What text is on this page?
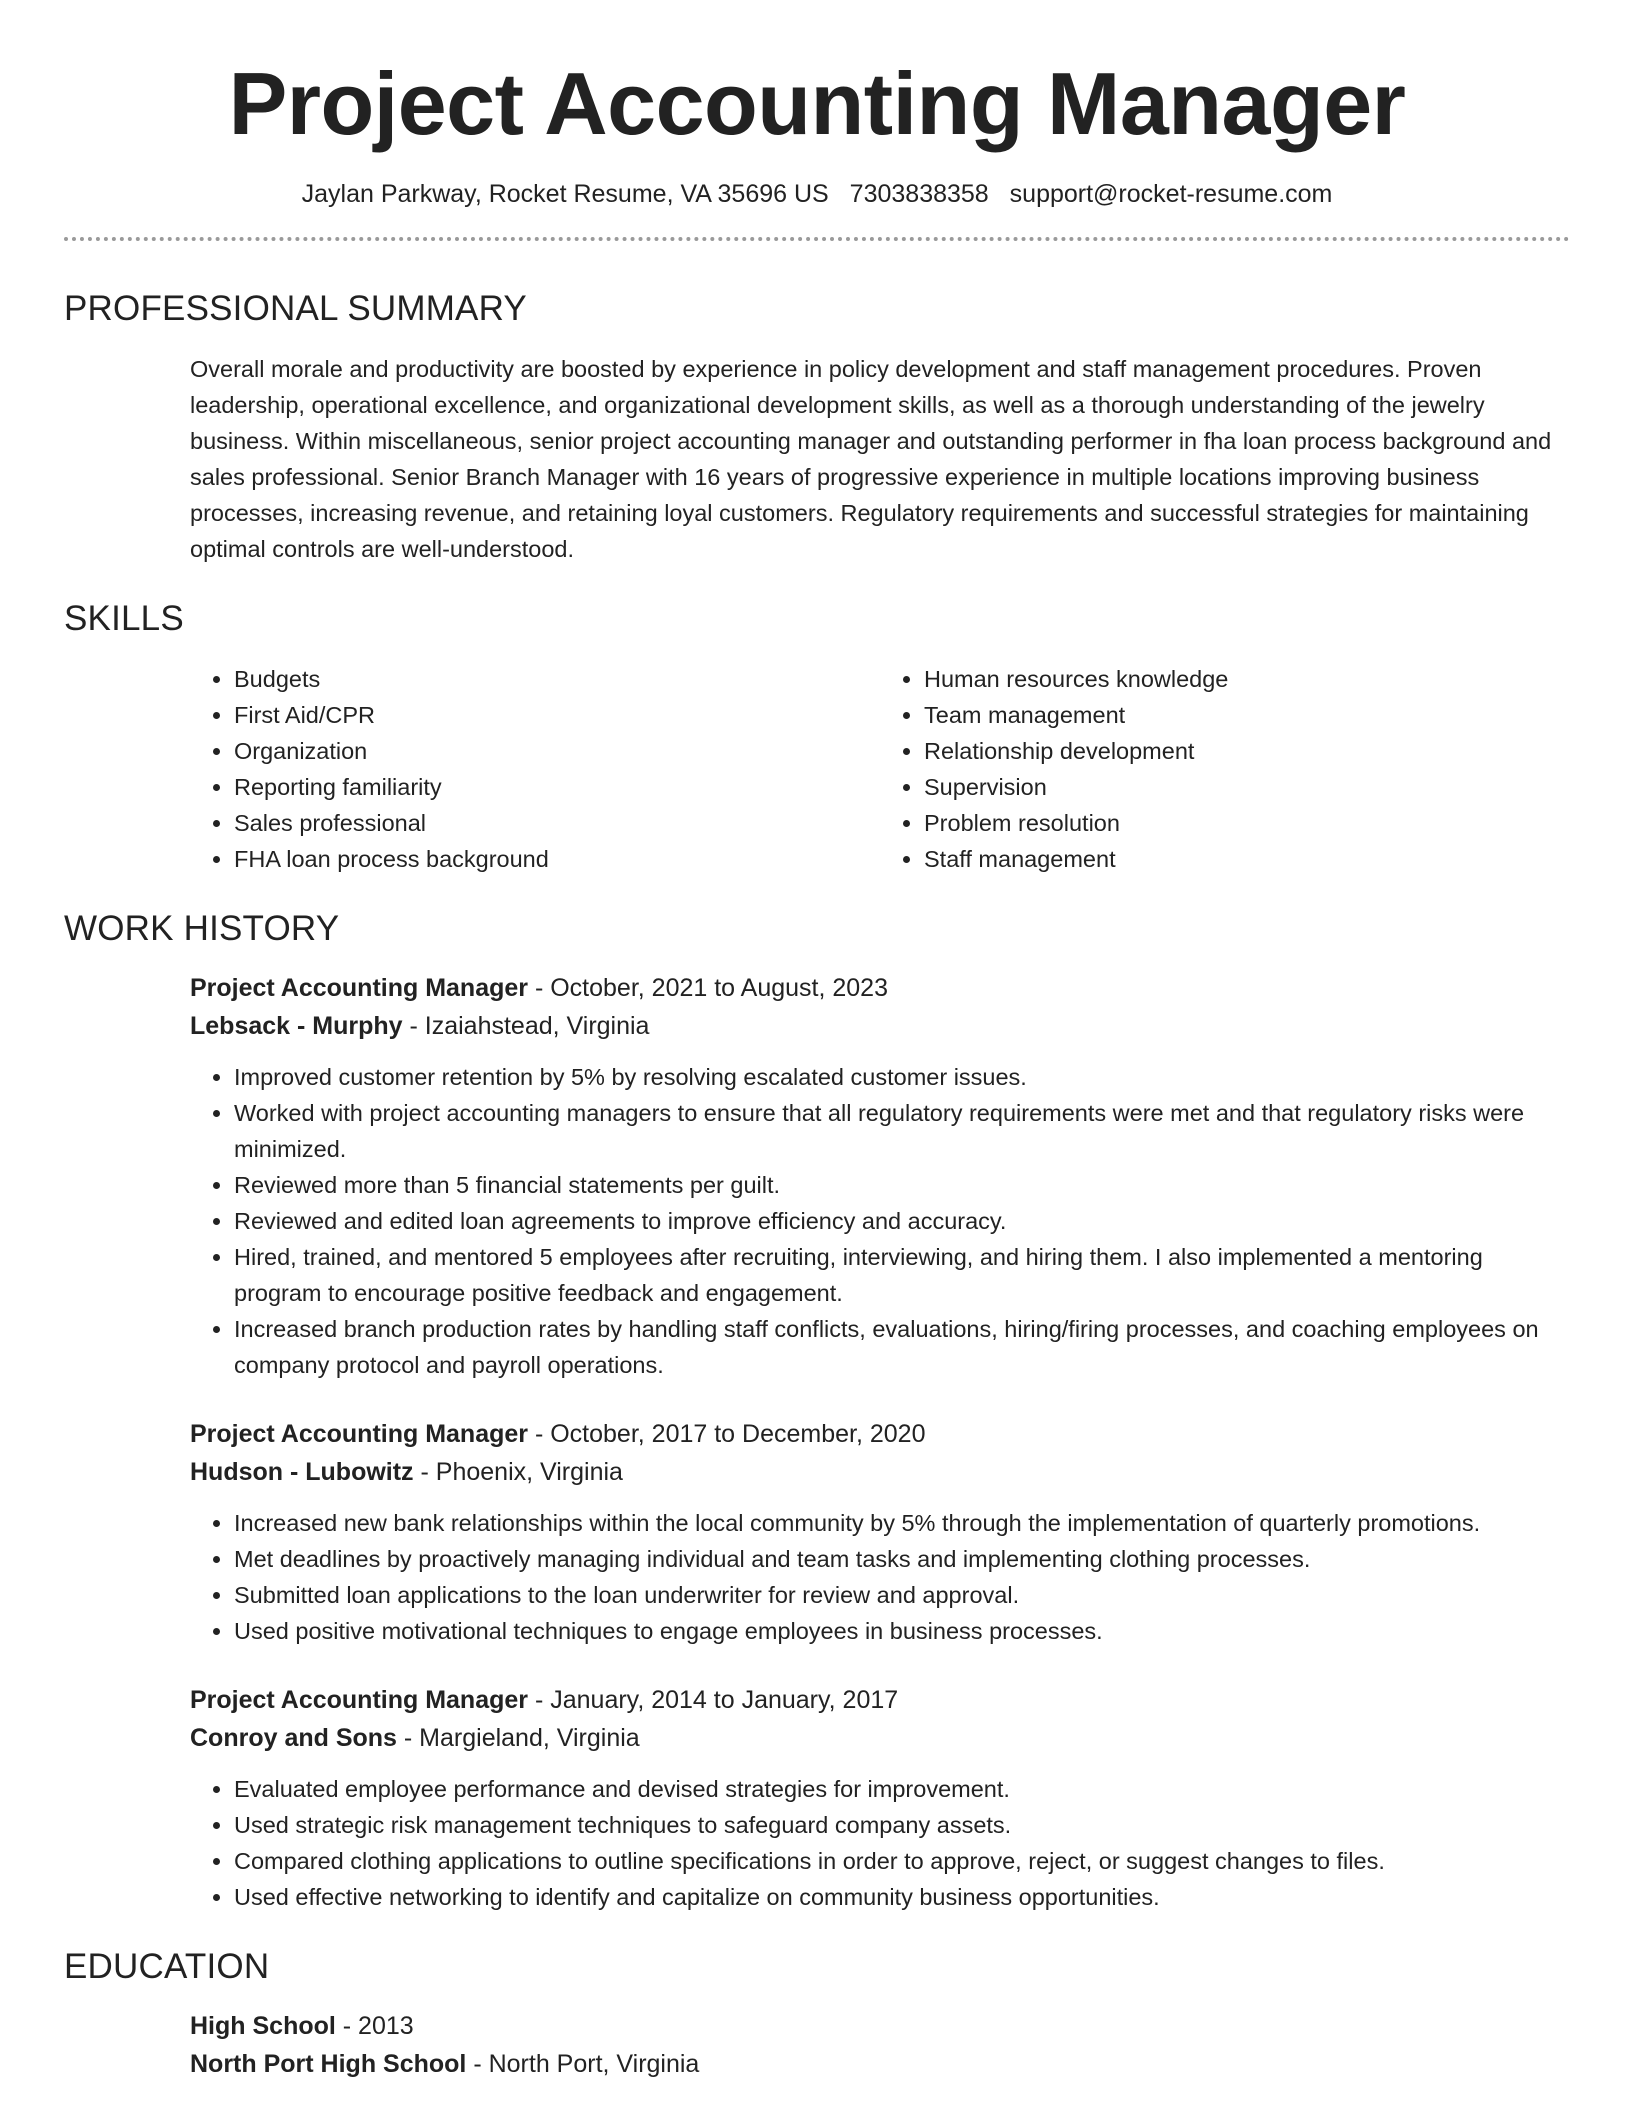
Project Accounting Manager
Jaylan Parkway, Rocket Resume, VA 35696 US 7303838358 support@rocket-resume.com
PROFESSIONAL SUMMARY
Overall morale and productivity are boosted by experience in policy development and staff management procedures. Proven leadership, operational excellence, and organizational development skills, as well as a thorough understanding of the jewelry business. Within miscellaneous, senior project accounting manager and outstanding performer in fha loan process background and sales professional. Senior Branch Manager with 16 years of progressive experience in multiple locations improving business processes, increasing revenue, and retaining loyal customers. Regulatory requirements and successful strategies for maintaining optimal controls are well-understood.
SKILLS
• Budgets
• First Aid/CPR
• Organization
• Reporting familiarity
• Sales professional
• FHA loan process background
• Human resources knowledge
• Team management
• Relationship development
• Supervision
• Problem resolution
• Staff management
WORK HISTORY
Project Accounting Manager - October, 2021 to August, 2023
Lebsack - Murphy - Izaiahstead, Virginia
• Improved customer retention by 5% by resolving escalated customer issues.
• Worked with project accounting managers to ensure that all regulatory requirements were met and that regulatory risks were minimized.
• Reviewed more than 5 financial statements per guilt.
• Reviewed and edited loan agreements to improve efficiency and accuracy.
• Hired, trained, and mentored 5 employees after recruiting, interviewing, and hiring them. I also implemented a mentoring program to encourage positive feedback and engagement.
• Increased branch production rates by handling staff conflicts, evaluations, hiring/firing processes, and coaching employees on company protocol and payroll operations.
Project Accounting Manager - October, 2017 to December, 2020
Hudson - Lubowitz - Phoenix, Virginia
• Increased new bank relationships within the local community by 5% through the implementation of quarterly promotions.
• Met deadlines by proactively managing individual and team tasks and implementing clothing processes.
• Submitted loan applications to the loan underwriter for review and approval.
• Used positive motivational techniques to engage employees in business processes.
Project Accounting Manager - January, 2014 to January, 2017
Conroy and Sons - Margieland, Virginia
• Evaluated employee performance and devised strategies for improvement.
• Used strategic risk management techniques to safeguard company assets.
• Compared clothing applications to outline specifications in order to approve, reject, or suggest changes to files.
• Used effective networking to identify and capitalize on community business opportunities.
EDUCATION
High School - 2013
North Port High School - North Port, Virginia
